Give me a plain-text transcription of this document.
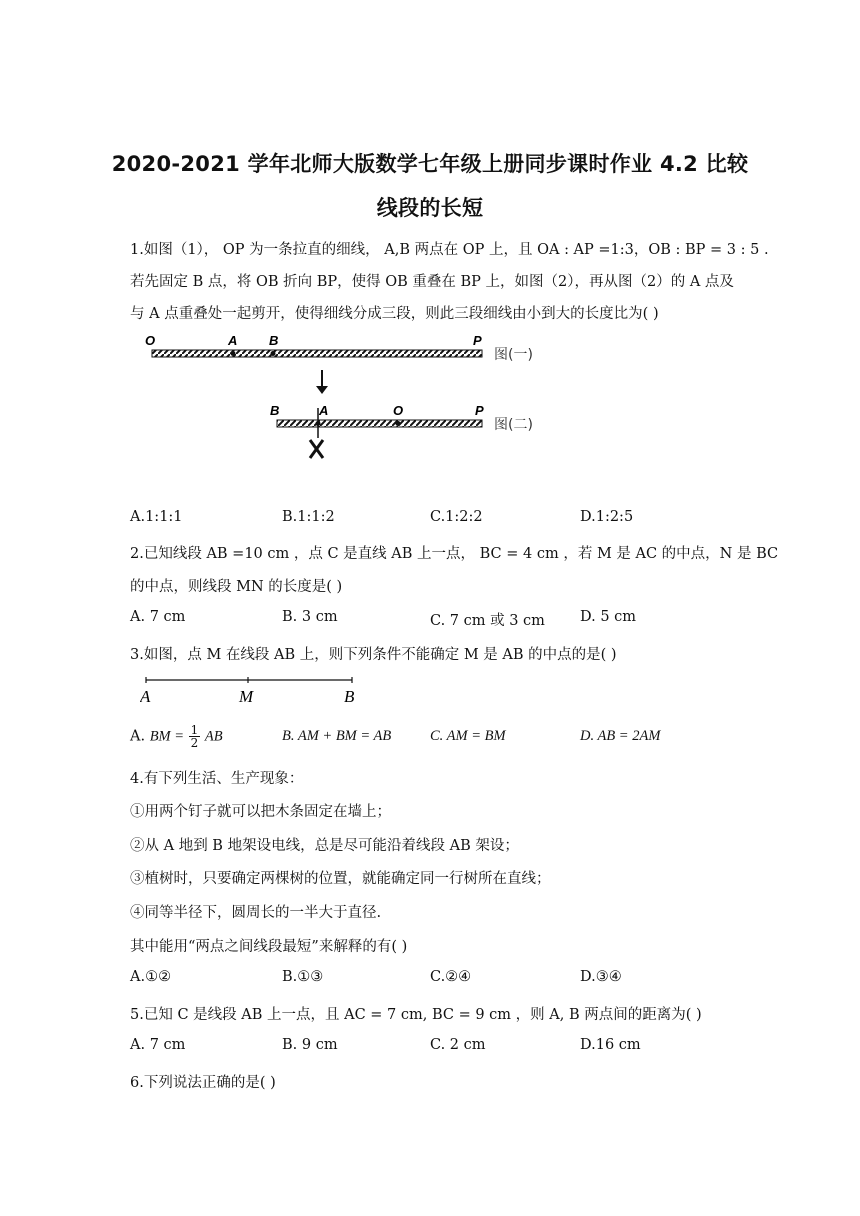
2020-2021 学年北师大版数学七年级上册同步课时作业 4.2 比较
线段的长短
1.如图（1）， OP 为一条拉直的细线， A,B 两点在 OP 上，且 OA : AP =1:3，OB : BP = 3 : 5 .
若先固定 B 点，将 OB 折向 BP，使得 OB 重叠在 BP 上，如图（2），再从图（2）的 A 点及
与 A 点重叠处一起剪开，使得细线分成三段，则此三段细线由小到大的长度比为( )
O	A B	P
图(一)
B	A	O	P
图(二)
A.1:1:1	B.1:1:2	C.1:2:2	D.1:2:5
2.已知线段 AB =10 cm ，点 C 是直线 AB 上一点， BC = 4 cm ，若 M 是 AC 的中点，N 是 BC
的中点，则线段 MN 的长度是( )
A. 7 cm	B. 3 cm	C. 7 cm 或 3 cm D. 5 cm
3.如图，点 M 在线段 AB 上，则下列条件不能确定 M 是 AB 的中点的是( )
A	M	B
A. BM = $\frac{1}{2}$ AB	B. AM + BM = AB	C. AM = BM	D. AB = 2AM
4.有下列生活、生产现象：
①用两个钉子就可以把木条固定在墙上；
②从 A 地到 B 地架设电线，总是尽可能沿着线段 AB 架设；
③植树时，只要确定两棵树的位置，就能确定同一行树所在直线；
④同等半径下，圆周长的一半大于直径.
其中能用“两点之间线段最短”来解释的有( )
A.①②	B.①③	C.②④	D.③④
5.已知 C 是线段 AB 上一点，且 AC = 7 cm, BC = 9 cm ，则 A, B 两点间的距离为( )
A. 7 cm	B. 9 cm	C. 2 cm	D.16 cm
6.下列说法正确的是( )
